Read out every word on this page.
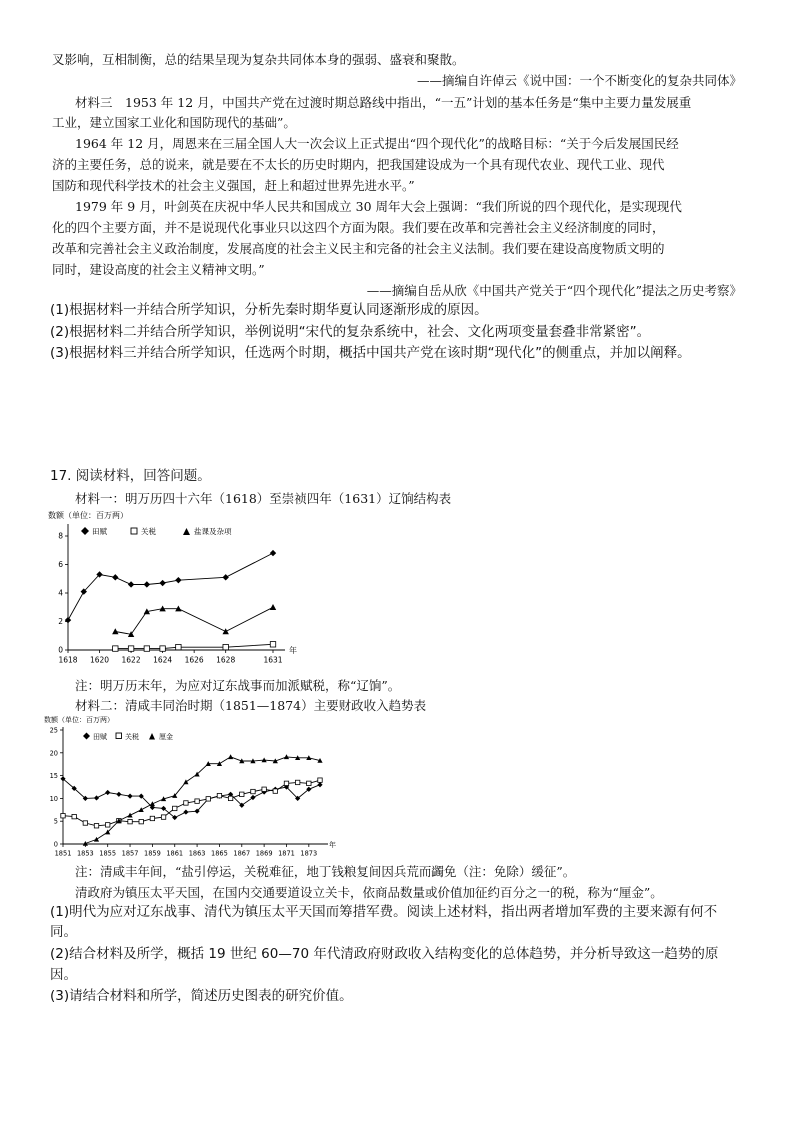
叉影响，互相制衡，总的结果呈现为复杂共同体本身的强弱、盛衰和聚散。
——摘编自许倬云《说中国：一个不断变化的复杂共同体》
材料三　1953 年 12 月，中国共产党在过渡时期总路线中指出，“一五”计划的基本任务是“集中主要力量发展重
工业，建立国家工业化和国防现代的基础”。
1964 年 12 月，周恩来在三届全国人大一次会议上正式提出“四个现代化”的战略目标：“关于今后发展国民经
济的主要任务，总的说来，就是要在不太长的历史时期内，把我国建设成为一个具有现代农业、现代工业、现代
国防和现代科学技术的社会主义强国，赶上和超过世界先进水平。”
1979 年 9 月，叶剑英在庆祝中华人民共和国成立 30 周年大会上强调：“我们所说的四个现代化，是实现现代
化的四个主要方面，并不是说现代化事业只以这四个方面为限。我们要在改革和完善社会主义经济制度的同时，
改革和完善社会主义政治制度，发展高度的社会主义民主和完备的社会主义法制。我们要在建设高度物质文明的
同时，建设高度的社会主义精神文明。”
——摘编自岳从欣《中国共产党关于“四个现代化”提法之历史考察》
(1)根据材料一并结合所学知识，分析先秦时期华夏认同逐渐形成的原因。
(2)根据材料二并结合所学知识，举例说明“宋代的复杂系统中，社会、文化两项变量套叠非常紧密”。
(3)根据材料三并结合所学知识，任选两个时期，概括中国共产党在该时期“现代化”的侧重点，并加以阐释。
17. 阅读材料，回答问题。
材料一：明万历四十六年（1618）至崇祯四年（1631）辽饷结构表
数额（单位：百万两）
田赋	关税	盐课及杂项
年
0
2
4
6
8
1618 1620 1622 1624 1626 1628	1631
注：明万历末年，为应对辽东战事而加派赋税，称“辽饷”。
材料二：清咸丰同治时期（1851—1874）主要财政收入趋势表
数额（单位：百万两）
田赋	关税	厘金
年
0
5
10
15
20
25
1851 1853 1855 1857 1859 1861 1863 1865 1867 1869 1871 1873
注：清咸丰年间，“盐引停运，关税难征，地丁钱粮复间因兵荒而蠲免（注：免除）缓征”。
清政府为镇压太平天国，在国内交通要道设立关卡，依商品数量或价值加征约百分之一的税，称为“厘金”。
(1)明代为应对辽东战事、清代为镇压太平天国而筹措军费。阅读上述材料，指出两者增加军费的主要来源有何不
同。
(2)结合材料及所学，概括 19 世纪 60—70 年代清政府财政收入结构变化的总体趋势，并分析导致这一趋势的原
因。
(3)请结合材料和所学，简述历史图表的研究价值。
